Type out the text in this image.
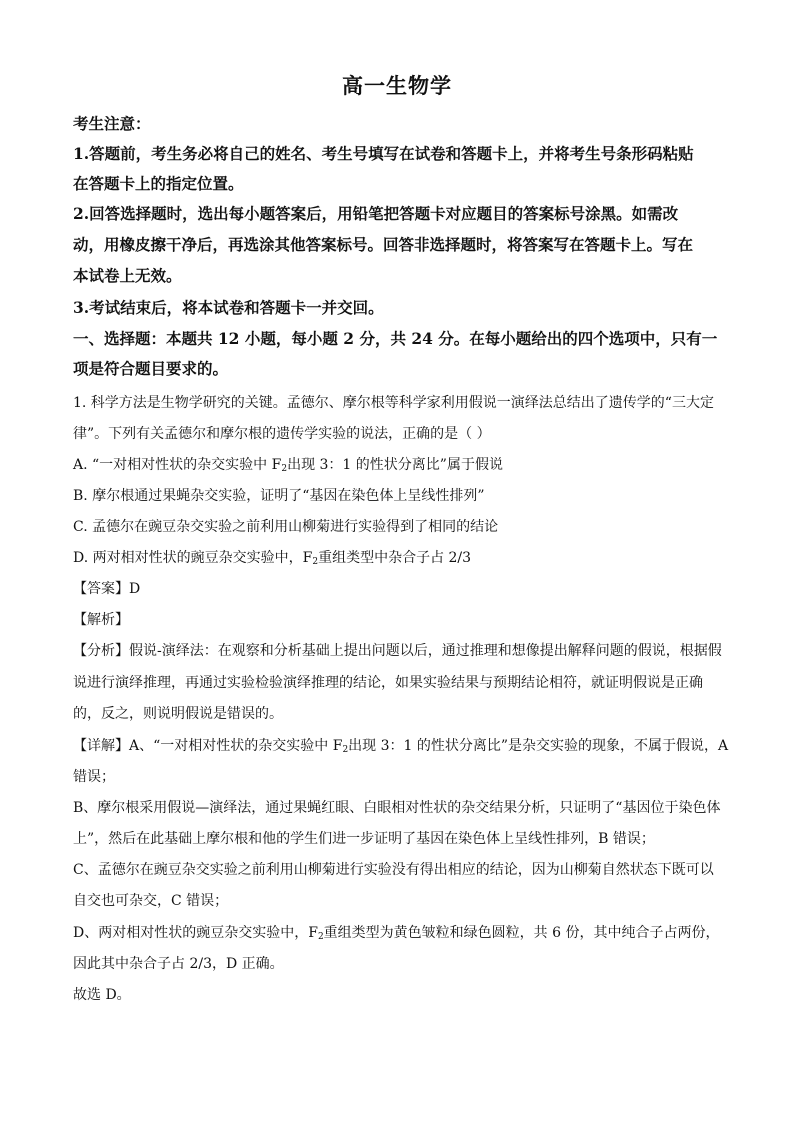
高一生物学
考生注意：
1.答题前，考生务必将自己的姓名、考生号填写在试卷和答题卡上，并将考生号条形码粘贴
在答题卡上的指定位置。
2.回答选择题时，选出每小题答案后，用铅笔把答题卡对应题目的答案标号涂黑。如需改
动，用橡皮擦干净后，再选涂其他答案标号。回答非选择题时，将答案写在答题卡上。写在
本试卷上无效。
3.考试结束后，将本试卷和答题卡一并交回。
一、选择题：本题共 12 小题，每小题 2 分，共 24 分。在每小题给出的四个选项中，只有一
项是符合题目要求的。
1. 科学方法是生物学研究的关键。孟德尔、摩尔根等科学家利用假说一演绎法总结出了遗传学的“三大定
律”。下列有关孟德尔和摩尔根的遗传学实验的说法，正确的是（ ）
A. “一对相对性状的杂交实验中 $F_2$出现 3：1 的性状分离比”属于假说
B. 摩尔根通过果蝇杂交实验，证明了“基因在染色体上呈线性排列”
C. 孟德尔在豌豆杂交实验之前利用山柳菊进行实验得到了相同的结论
D. 两对相对性状的豌豆杂交实验中，$F_2$重组类型中杂合子占 2/3
【答案】D
【解析】
【分析】假说-演绎法：在观察和分析基础上提出问题以后，通过推理和想像提出解释问题的假说，根据假
说进行演绎推理，再通过实验检验演绎推理的结论，如果实验结果与预期结论相符，就证明假说是正确
的，反之，则说明假说是错误的。
【详解】A、“一对相对性状的杂交实验中 $F_2$出现 3：1 的性状分离比”是杂交实验的现象，不属于假说，A
错误；
B、摩尔根采用假说—演绎法，通过果蝇红眼、白眼相对性状的杂交结果分析，只证明了“基因位于染色体
上”，然后在此基础上摩尔根和他的学生们进一步证明了基因在染色体上呈线性排列，B 错误；
C、孟德尔在豌豆杂交实验之前利用山柳菊进行实验没有得出相应的结论，因为山柳菊自然状态下既可以
自交也可杂交，C 错误；
D、两对相对性状的豌豆杂交实验中，$F_2$重组类型为黄色皱粒和绿色圆粒，共 6 份，其中纯合子占两份，
因此其中杂合子占 2/3，D 正确。
故选 D。
